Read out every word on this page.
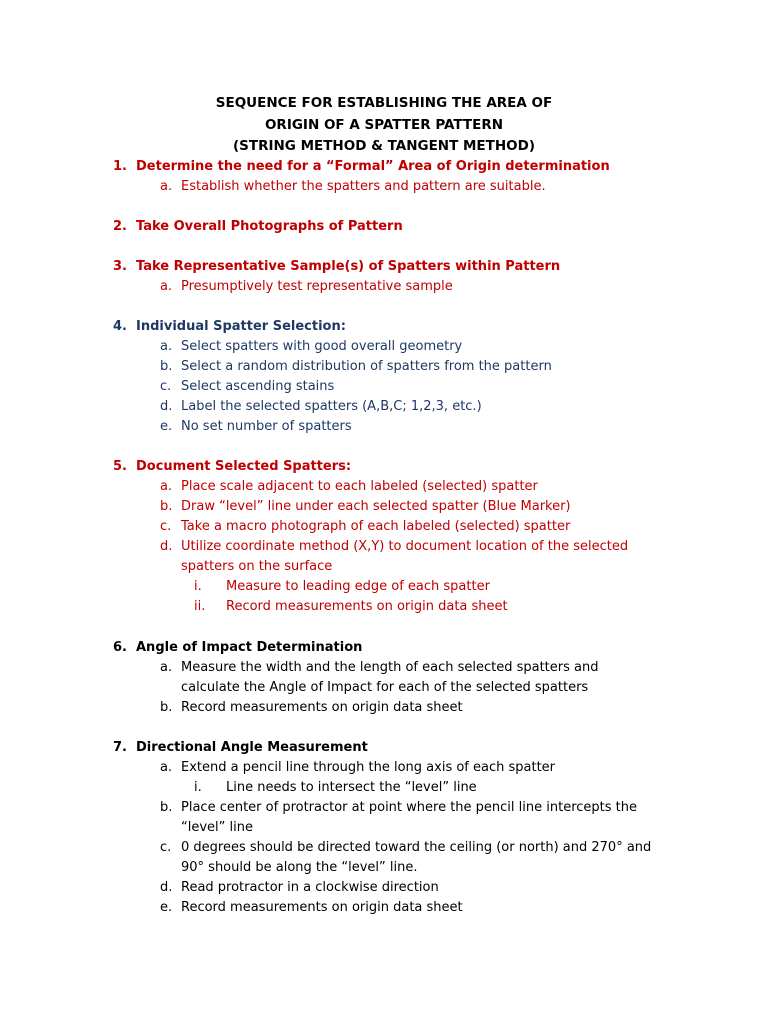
SEQUENCE FOR ESTABLISHING THE AREA OF
ORIGIN OF A SPATTER PATTERN
(STRING METHOD & TANGENT METHOD)
1. Determine the need for a “Formal” Area of Origin determination
a. Establish whether the spatters and pattern are suitable.
2. Take Overall Photographs of Pattern
3. Take Representative Sample(s) of Spatters within Pattern
a. Presumptively test representative sample
4. Individual Spatter Selection:
a. Select spatters with good overall geometry
b. Select a random distribution of spatters from the pattern
c. Select ascending stains
d. Label the selected spatters (A,B,C; 1,2,3, etc.)
e. No set number of spatters
5. Document Selected Spatters:
a. Place scale adjacent to each labeled (selected) spatter
b. Draw “level” line under each selected spatter (Blue Marker)
c. Take a macro photograph of each labeled (selected) spatter
d. Utilize coordinate method (X,Y) to document location of the selected
spatters on the surface
i. Measure to leading edge of each spatter
ii. Record measurements on origin data sheet
6. Angle of Impact Determination
a. Measure the width and the length of each selected spatters and
calculate the Angle of Impact for each of the selected spatters
b. Record measurements on origin data sheet
7. Directional Angle Measurement
a. Extend a pencil line through the long axis of each spatter
i. Line needs to intersect the “level” line
b. Place center of protractor at point where the pencil line intercepts the
“level” line
c. 0 degrees should be directed toward the ceiling (or north) and 270° and
90° should be along the “level” line.
d. Read protractor in a clockwise direction
e. Record measurements on origin data sheet
